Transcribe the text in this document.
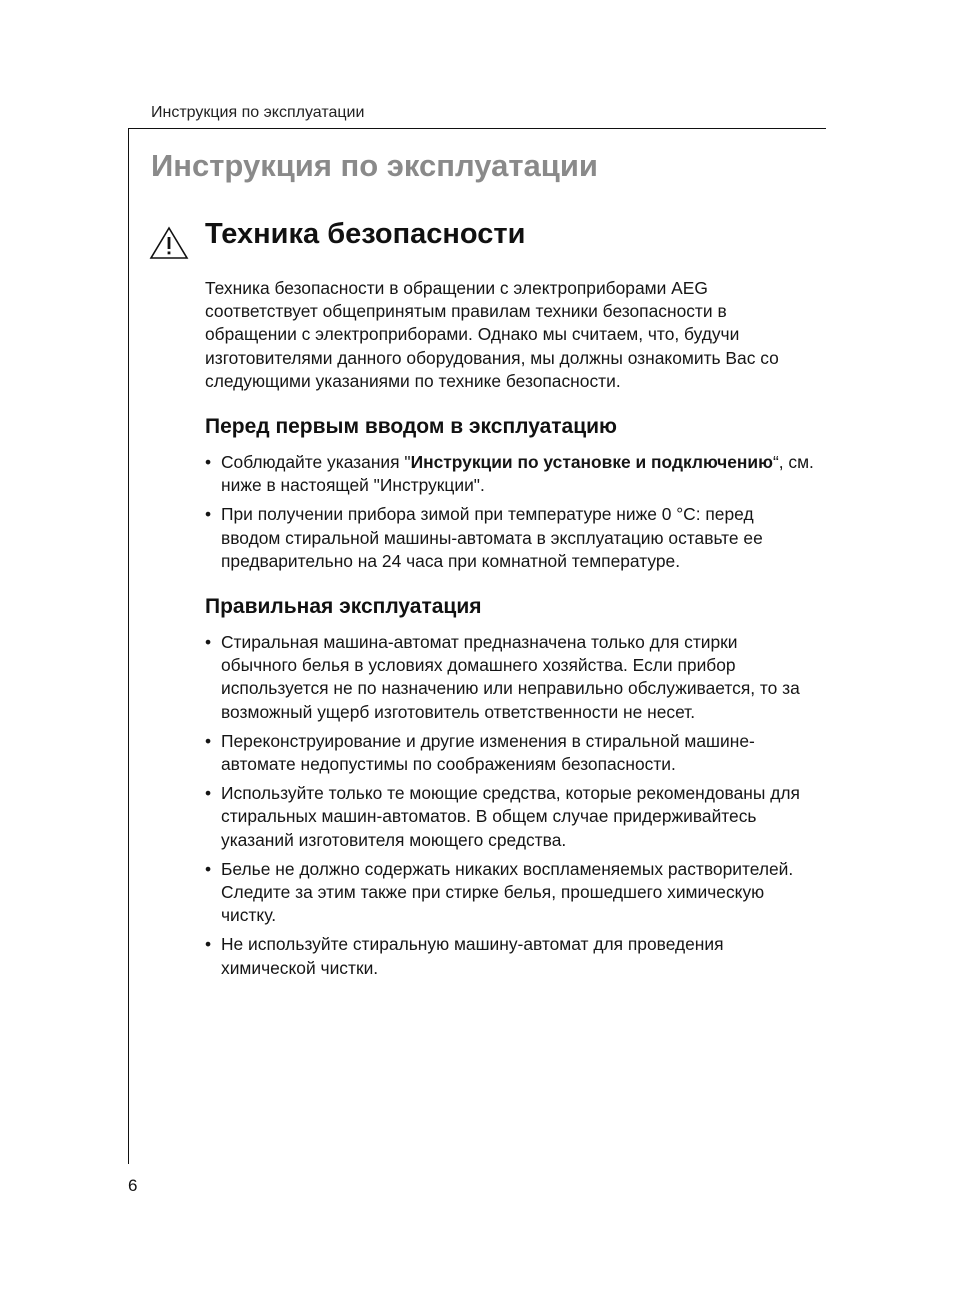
Инструкция по эксплуатации
Инструкция по эксплуатации
Техника безопасности

Техника безопасности в обращении с электроприборами AEG соответствует общепринятым правилам техники безопасности в обращении с электроприборами. Однако мы считаем, что, будучи изготовителями данного оборудования, мы должны ознакомить Вас со следующими указаниями по технике безопасности.

Перед первым вводом в эксплуатацию
• Соблюдайте указания "Инструкции по установке и подключению“, см. ниже в настоящей "Инструкции".
• При получении прибора зимой при температуре ниже 0 °С: перед вводом стиральной машины-автомата в эксплуатацию оставьте ее предварительно на 24 часа при комнатной температуре.
Правильная эксплуатация
• Стиральная машина-автомат предназначена только для стирки обычного белья в условиях домашнего хозяйства. Если прибор используется не по назначению или неправильно обслуживается, то за возможный ущерб изготовитель ответственности не несет.
• Переконструирование и другие изменения в стиральной машине-автомате недопустимы по соображениям безопасности.
• Используйте только те моющие средства, которые рекомендованы для стиральных машин-автоматов. В общем случае придерживайтесь указаний изготовителя моющего средства.
• Белье не должно содержать никаких воспламеняемых растворителей. Следите за этим также при стирке белья, прошедшего химическую чистку.
• Не используйте стиральную машину-автомат для проведения химической чистки.
6
